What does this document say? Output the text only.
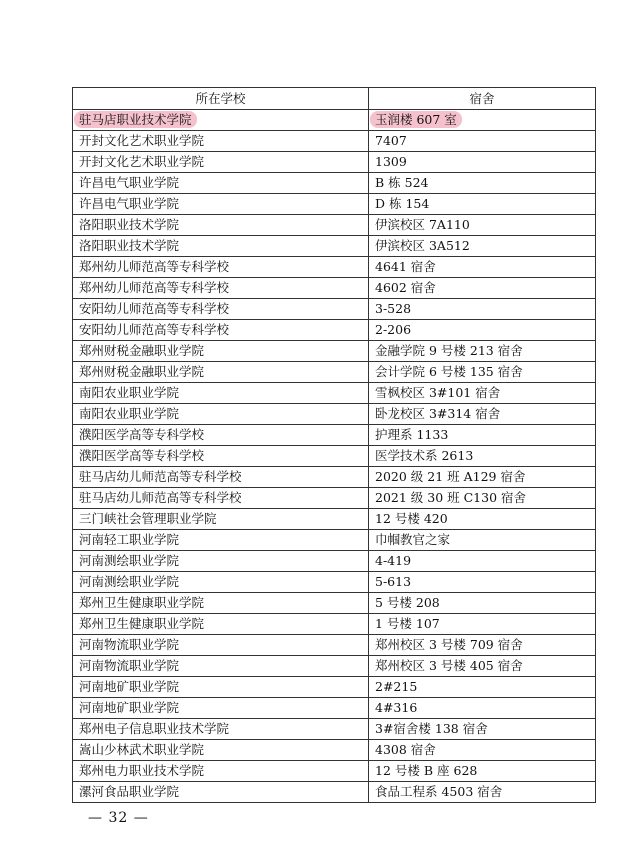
所在学校	宿舍
驻马店职业技术学院	玉润楼 607 室
开封文化艺术职业学院	7407
开封文化艺术职业学院	1309
许昌电气职业学院	B 栋 524
许昌电气职业学院	D 栋 154
洛阳职业技术学院	伊滨校区 7A110
洛阳职业技术学院	伊滨校区 3A512
郑州幼儿师范高等专科学校	4641 宿舍
郑州幼儿师范高等专科学校	4602 宿舍
安阳幼儿师范高等专科学校	3-528
安阳幼儿师范高等专科学校	2-206
郑州财税金融职业学院	金融学院 9 号楼 213 宿舍
郑州财税金融职业学院	会计学院 6 号楼 135 宿舍
南阳农业职业学院	雪枫校区 3#101 宿舍
南阳农业职业学院	卧龙校区 3#314 宿舍
濮阳医学高等专科学校	护理系 1133
濮阳医学高等专科学校	医学技术系 2613
驻马店幼儿师范高等专科学校	2020 级 21 班 A129 宿舍
驻马店幼儿师范高等专科学校	2021 级 30 班 C130 宿舍
三门峡社会管理职业学院	12 号楼 420
河南轻工职业学院	巾帼教官之家
河南测绘职业学院	4-419
河南测绘职业学院	5-613
郑州卫生健康职业学院	5 号楼 208
郑州卫生健康职业学院	1 号楼 107
河南物流职业学院	郑州校区 3 号楼 709 宿舍
河南物流职业学院	郑州校区 3 号楼 405 宿舍
河南地矿职业学院	2#215
河南地矿职业学院	4#316
郑州电子信息职业技术学院	3#宿舍楼 138 宿舍
嵩山少林武术职业学院	4308 宿舍
郑州电力职业技术学院	12 号楼 B 座 628
漯河食品职业学院	食品工程系 4503 宿舍
— 32 —
